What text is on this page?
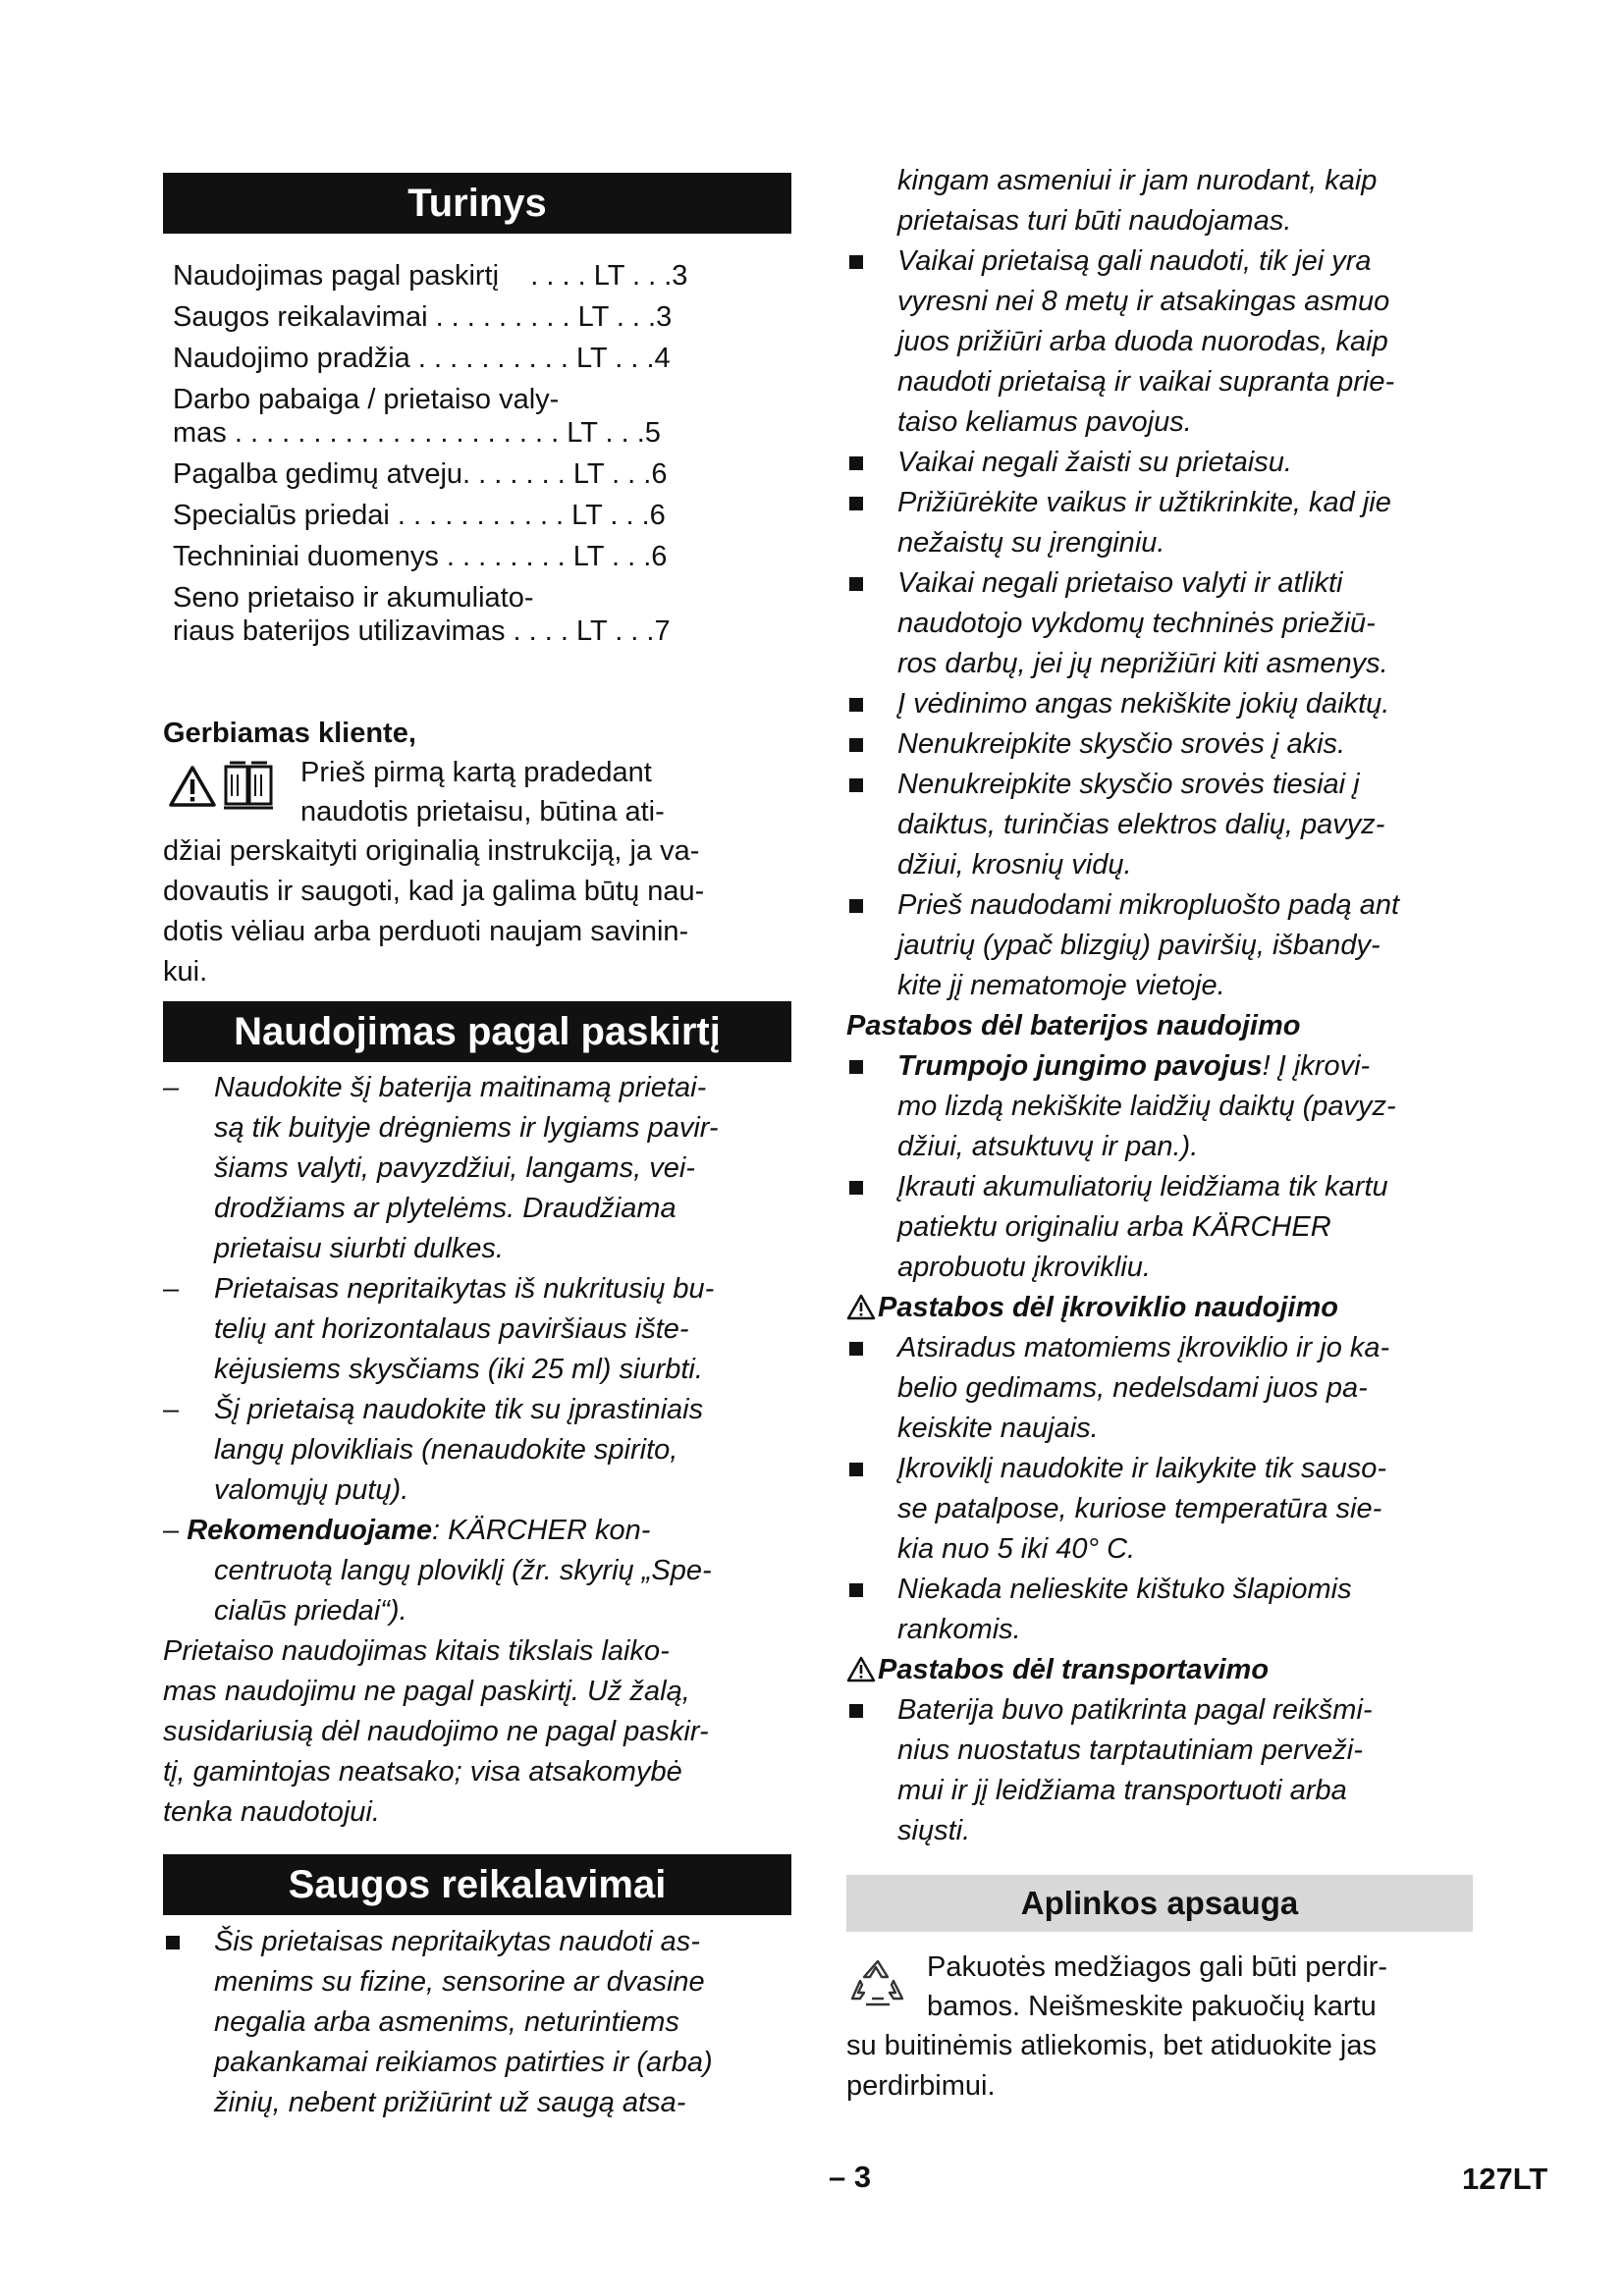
Turinys
Naudojimas pagal paskirtį    . . . . LT . . .3
Saugos reikalavimai . . . . . . . . . LT . . .3
Naudojimo pradžia . . . . . . . . . . LT . . .4
Darbo pabaiga / prietaiso valy-
mas . . . . . . . . . . . . . . . . . . . . . LT . . .5
Pagalba gedimų atveju. . . . . . . LT . . .6
Specialūs priedai . . . . . . . . . . . LT . . .6
Techniniai duomenys . . . . . . . . LT . . .6
Seno prietaiso ir akumuliato-
riaus baterijos utilizavimas . . . . LT . . .7
Gerbiamas kliente,
Prieš pirmą kartą pradedant
naudotis prietaisu, būtina ati-
džiai perskaityti originalią instrukciją, ja va-
dovautis ir saugoti, kad ja galima būtų nau-
dotis vėliau arba perduoti naujam savinin-
kui.
Naudojimas pagal paskirtį
– Naudokite šį baterija maitinamą prietai-
są tik buityje drėgniems ir lygiams pavir-
šiams valyti, pavyzdžiui, langams, vei-
drodžiams ar plytelėms. Draudžiama
prietaisu siurbti dulkes.
– Prietaisas nepritaikytas iš nukritusių bu-
telių ant horizontalaus paviršiaus ište-
kėjusiems skysčiams (iki 25 ml) siurbti.
– Šį prietaisą naudokite tik su įprastiniais
langų plovikliais (nenaudokite spirito,
valomųjų putų).
– Rekomenduojame: KÄRCHER kon-
centruotą langų ploviklį (žr. skyrių „Spe-
cialūs priedai“).
Prietaiso naudojimas kitais tikslais laiko-
mas naudojimu ne pagal paskirtį. Už žalą,
susidariusią dėl naudojimo ne pagal paskir-
tį, gamintojas neatsako; visa atsakomybė
tenka naudotojui.
Saugos reikalavimai
Šis prietaisas nepritaikytas naudoti as-
menims su fizine, sensorine ar dvasine
negalia arba asmenims, neturintiems
pakankamai reikiamos patirties ir (arba)
žinių, nebent prižiūrint už saugą atsa-
kingam asmeniui ir jam nurodant, kaip
prietaisas turi būti naudojamas.
Vaikai prietaisą gali naudoti, tik jei yra
vyresni nei 8 metų ir atsakingas asmuo
juos prižiūri arba duoda nuorodas, kaip
naudoti prietaisą ir vaikai supranta prie-
taiso keliamus pavojus.
Vaikai negali žaisti su prietaisu.
Prižiūrėkite vaikus ir užtikrinkite, kad jie
nežaistų su įrenginiu.
Vaikai negali prietaiso valyti ir atlikti
naudotojo vykdomų techninės priežiū-
ros darbų, jei jų neprižiūri kiti asmenys.
Į vėdinimo angas nekiškite jokių daiktų.
Nenukreipkite skysčio srovės į akis.
Nenukreipkite skysčio srovės tiesiai į
daiktus, turinčias elektros dalių, pavyz-
džiui, krosnių vidų.
Prieš naudodami mikropluošto padą ant
jautrių (ypač blizgių) paviršių, išbandy-
kite jį nematomoje vietoje.
Pastabos dėl baterijos naudojimo
Trumpojo jungimo pavojus! Į įkrovi-
mo lizdą nekiškite laidžių daiktų (pavyz-
džiui, atsuktuvų ir pan.).
Įkrauti akumuliatorių leidžiama tik kartu
patiektu originaliu arba KÄRCHER
aprobuotu įkrovikliu.
Pastabos dėl įkroviklio naudojimo
Atsiradus matomiems įkroviklio ir jo ka-
belio gedimams, nedelsdami juos pa-
keiskite naujais.
Įkroviklį naudokite ir laikykite tik sauso-
se patalpose, kuriose temperatūra sie-
kia nuo 5 iki 40° C.
Niekada nelieskite kištuko šlapiomis
rankomis.
Pastabos dėl transportavimo
Baterija buvo patikrinta pagal reikšmi-
nius nuostatus tarptautiniam perveži-
mui ir jį leidžiama transportuoti arba
siųsti.
Aplinkos apsauga
Pakuotės medžiagos gali būti perdir-
bamos. Neišmeskite pakuočių kartu
su buitinėmis atliekomis, bet atiduokite jas
perdirbimui.
– 3	127LT
